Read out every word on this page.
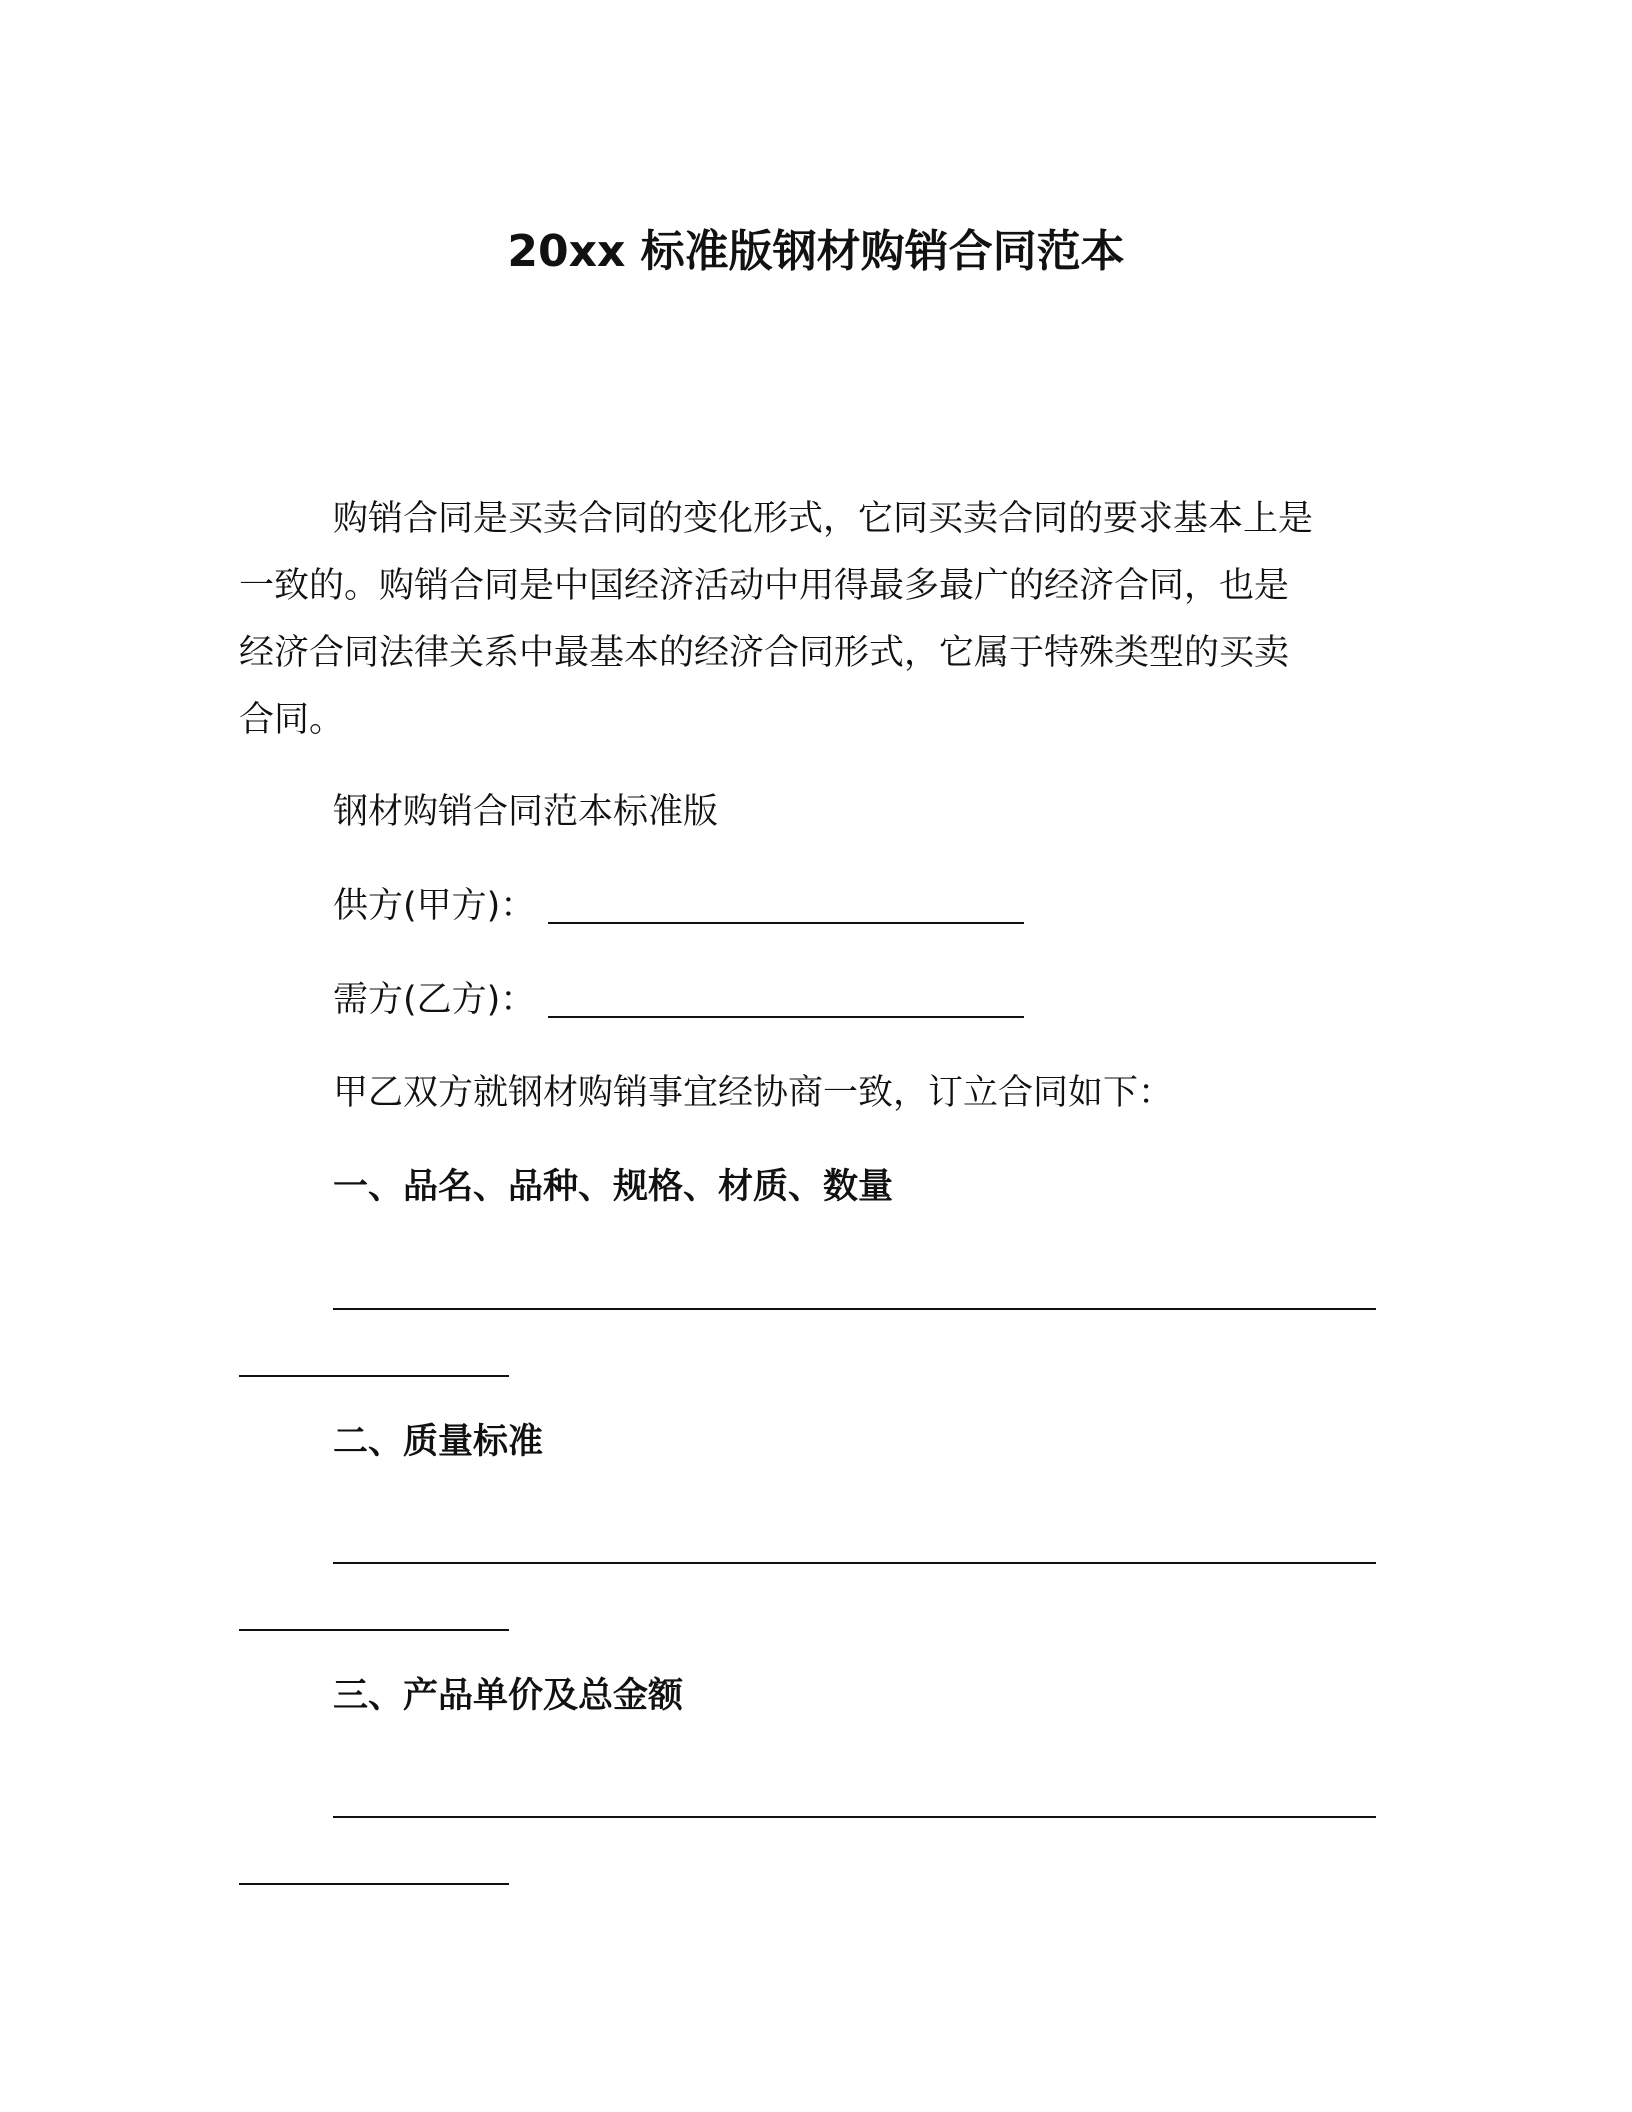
20xx 标准版钢材购销合同范本
购销合同是买卖合同的变化形式，它同买卖合同的要求基本上是
一致的。购销合同是中国经济活动中用得最多最广的经济合同，也是
经济合同法律关系中最基本的经济合同形式，它属于特殊类型的买卖
合同。
钢材购销合同范本标准版
供方(甲方)：
需方(乙方)：
甲乙双方就钢材购销事宜经协商一致，订立合同如下：
一、品名、品种、规格、材质、数量
二、质量标准
三、产品单价及总金额
